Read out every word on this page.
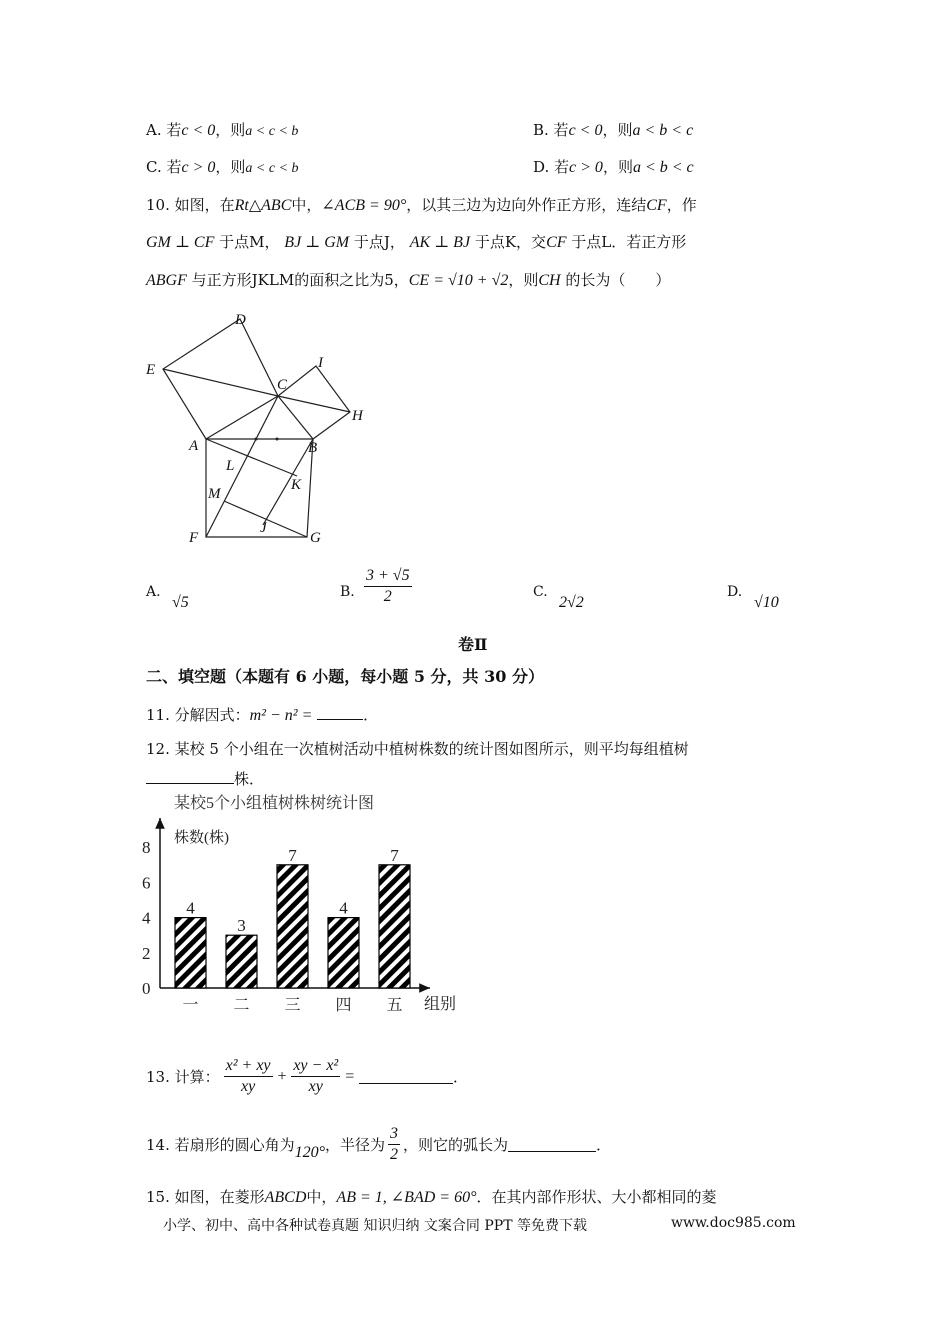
A. 若c < 0，则a < c < b	B. 若c < 0，则a < b < c
C. 若c > 0，则a < c < b	D. 若c > 0，则a < b < c
10. 如图，在Rt△ABC中，∠ACB = 90°，以其三边为边向外作正方形，连结CF，作
GM ⊥ CF 于点M， BJ ⊥ GM 于点J， AK ⊥ BJ 于点K，交CF 于点L．若正方形
ABGF 与正方形JKLM的面积之比为5，CE = √10 + √2，则CH 的长为（　　）
D
E	I
C
H
A	B
L
K
M
F
J
G
A.
√5
B. $\frac{3 + √5}{2}$	C.
2√2
D.
√10
卷Ⅱ
二、填空题（本题有 6 小题，每小题 5 分，共 30 分）
11. 分解因式：m² − n² =	．
12. 某校 5 个小组在一次植树活动中植树株数的统计图如图所示，则平均每组植树
株．
某校5个小组植树株树统计图
株数(株)
0
2
4
6
8
4
3
7
4
7
一 二 三 四 五 组别
13. 计算： $\frac{\text{x² + xy}}{xy} + \frac{\text{xy − x²}}{xy}$ =	．
14. 若扇形的圆心角为 120° ，半径为 $\frac{3}{2}$ ，则它的弧长为	．
15. 如图，在菱形ABCD中，AB = 1, ∠BAD = 60°．在其内部作形状、大小都相同的菱
小学、初中、高中各种试卷真题 知识归纳 文案合同 PPT 等免费下载	www.doc985.com
